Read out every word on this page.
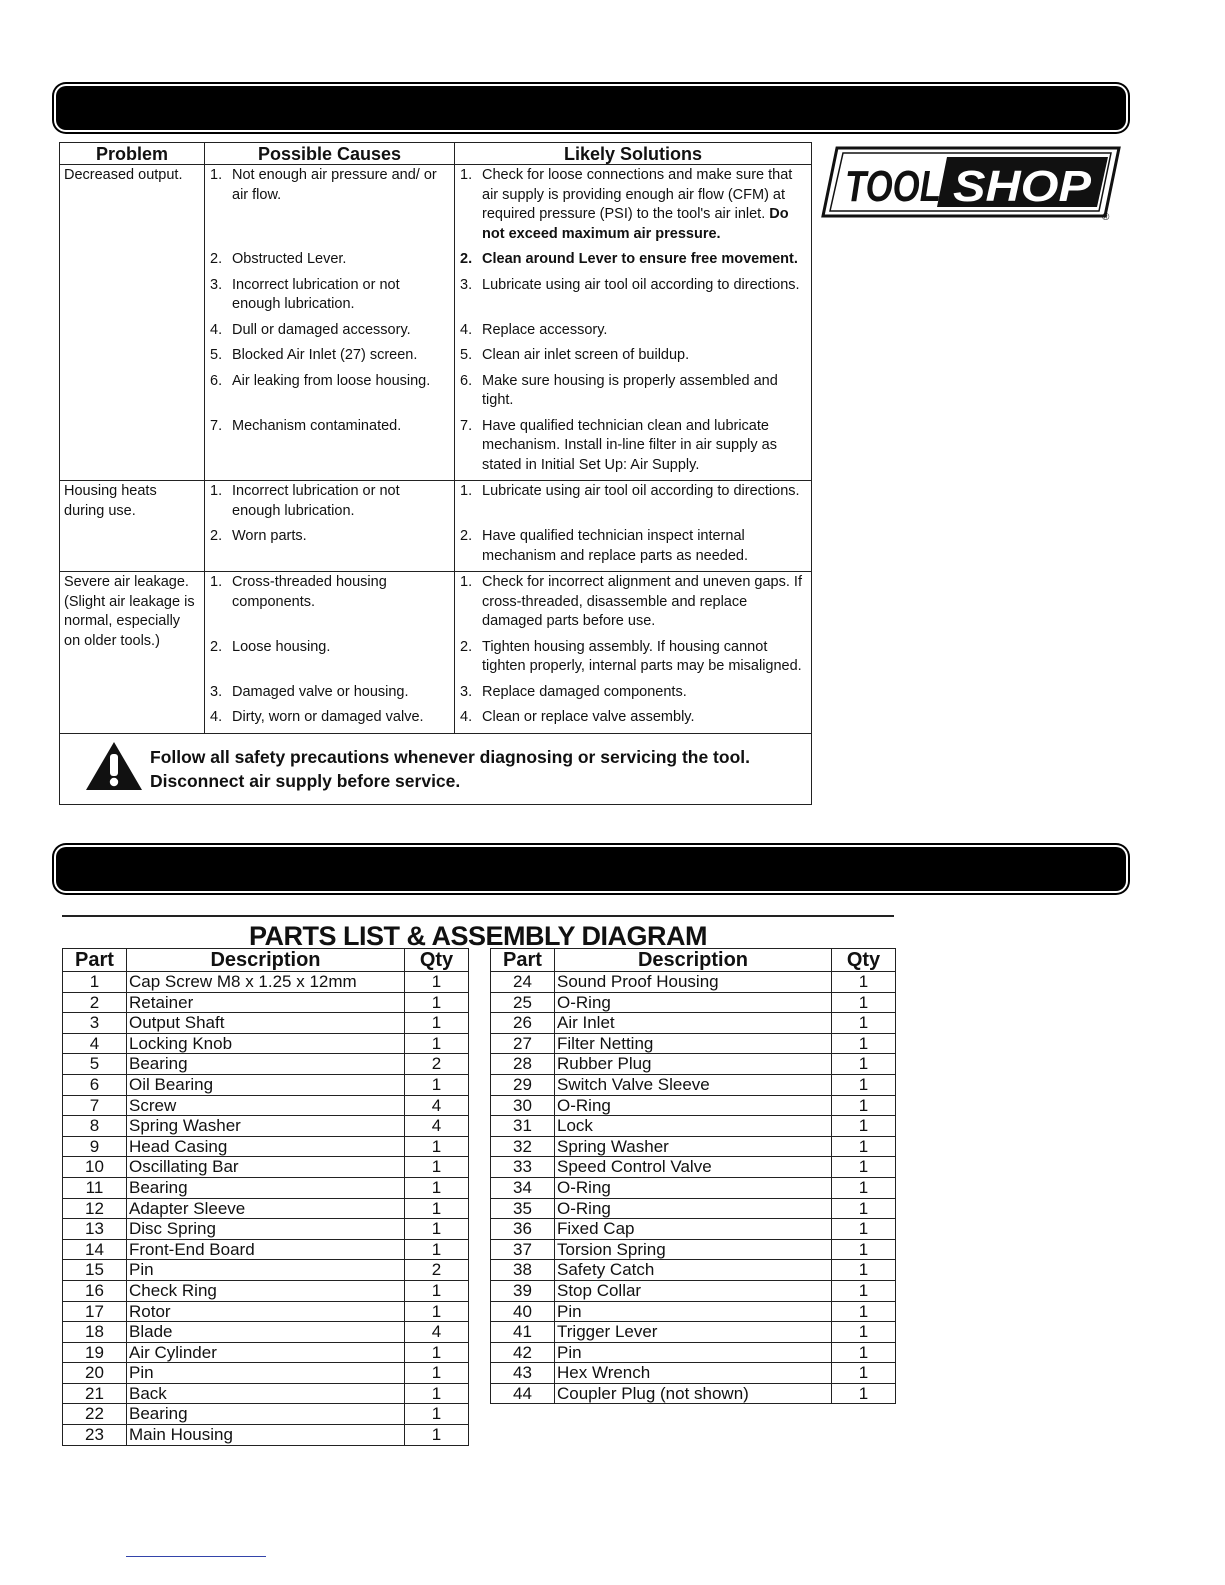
Problem	Possible Causes	Likely Solutions
Decreased output.	1. Not enough air pressure and/ or air flow.	1. Check for loose connections and make sure that air supply is providing enough air flow (CFM) at required pressure (PSI) to the tool's air inlet. Do not exceed maximum air pressure.

	2. Obstructed Lever.	2. Clean around Lever to ensure free movement.

	3. Incorrect lubrication or not enough lubrication.	3. Lubricate using air tool oil according to directions.

	4. Dull or damaged accessory.	4. Replace accessory.

	5. Blocked Air Inlet (27) screen.	5. Clean air inlet screen of buildup.

	6. Air leaking from loose housing.	6. Make sure housing is properly assembled and tight.

	7. Mechanism contaminated.	7. Have qualified technician clean and lubricate mechanism. Install in-line filter in air supply as stated in Initial Set Up: Air Supply.

Housing heats during use.	1. Incorrect lubrication or not enough lubrication.	1. Lubricate using air tool oil according to directions.

	2. Worn parts.	2. Have qualified technician inspect internal mechanism and replace parts as needed.

Severe air leakage. (Slight air leakage is normal, especially on older tools.)	1. Cross-threaded housing components.	1. Check for incorrect alignment and uneven gaps. If cross-threaded, disassemble and replace damaged parts before use.

	2. Loose housing.	2. Tighten housing assembly. If housing cannot tighten properly, internal parts may be misaligned.

	3. Damaged valve or housing.	3. Replace damaged components.

	4. Dirty, worn or damaged valve.	4. Clean or replace valve assembly.

Follow all safety precautions whenever diagnosing or servicing the tool. Disconnect air supply before service.		
TOOL SHOP
®
PARTS LIST & ASSEMBLY DIAGRAM
Part	Description	Qty
1	Cap Screw M8 x 1.25 x 12mm	1
2	Retainer	1
3	Output Shaft	1
4	Locking Knob	1
5	Bearing	2
6	Oil Bearing	1
7	Screw	4
8	Spring Washer	4
9	Head Casing	1
10	Oscillating Bar	1
11	Bearing	1
12	Adapter Sleeve	1
13	Disc Spring	1
14	Front-End Board	1
15	Pin	2
16	Check Ring	1
17	Rotor	1
18	Blade	4
19	Air Cylinder	1
20	Pin	1
21	Back	1
22	Bearing	1
23	Main Housing	1
Part	Description	Qty
24	Sound Proof Housing	1
25	O-Ring	1
26	Air Inlet	1
27	Filter Netting	1
28	Rubber Plug	1
29	Switch Valve Sleeve	1
30	O-Ring	1
31	Lock	1
32	Spring Washer	1
33	Speed Control Valve	1
34	O-Ring	1
35	O-Ring	1
36	Fixed Cap	1
37	Torsion Spring	1
38	Safety Catch	1
39	Stop Collar	1
40	Pin	1
41	Trigger Lever	1
42	Pin	1
43	Hex Wrench	1
44	Coupler Plug (not shown)	1
